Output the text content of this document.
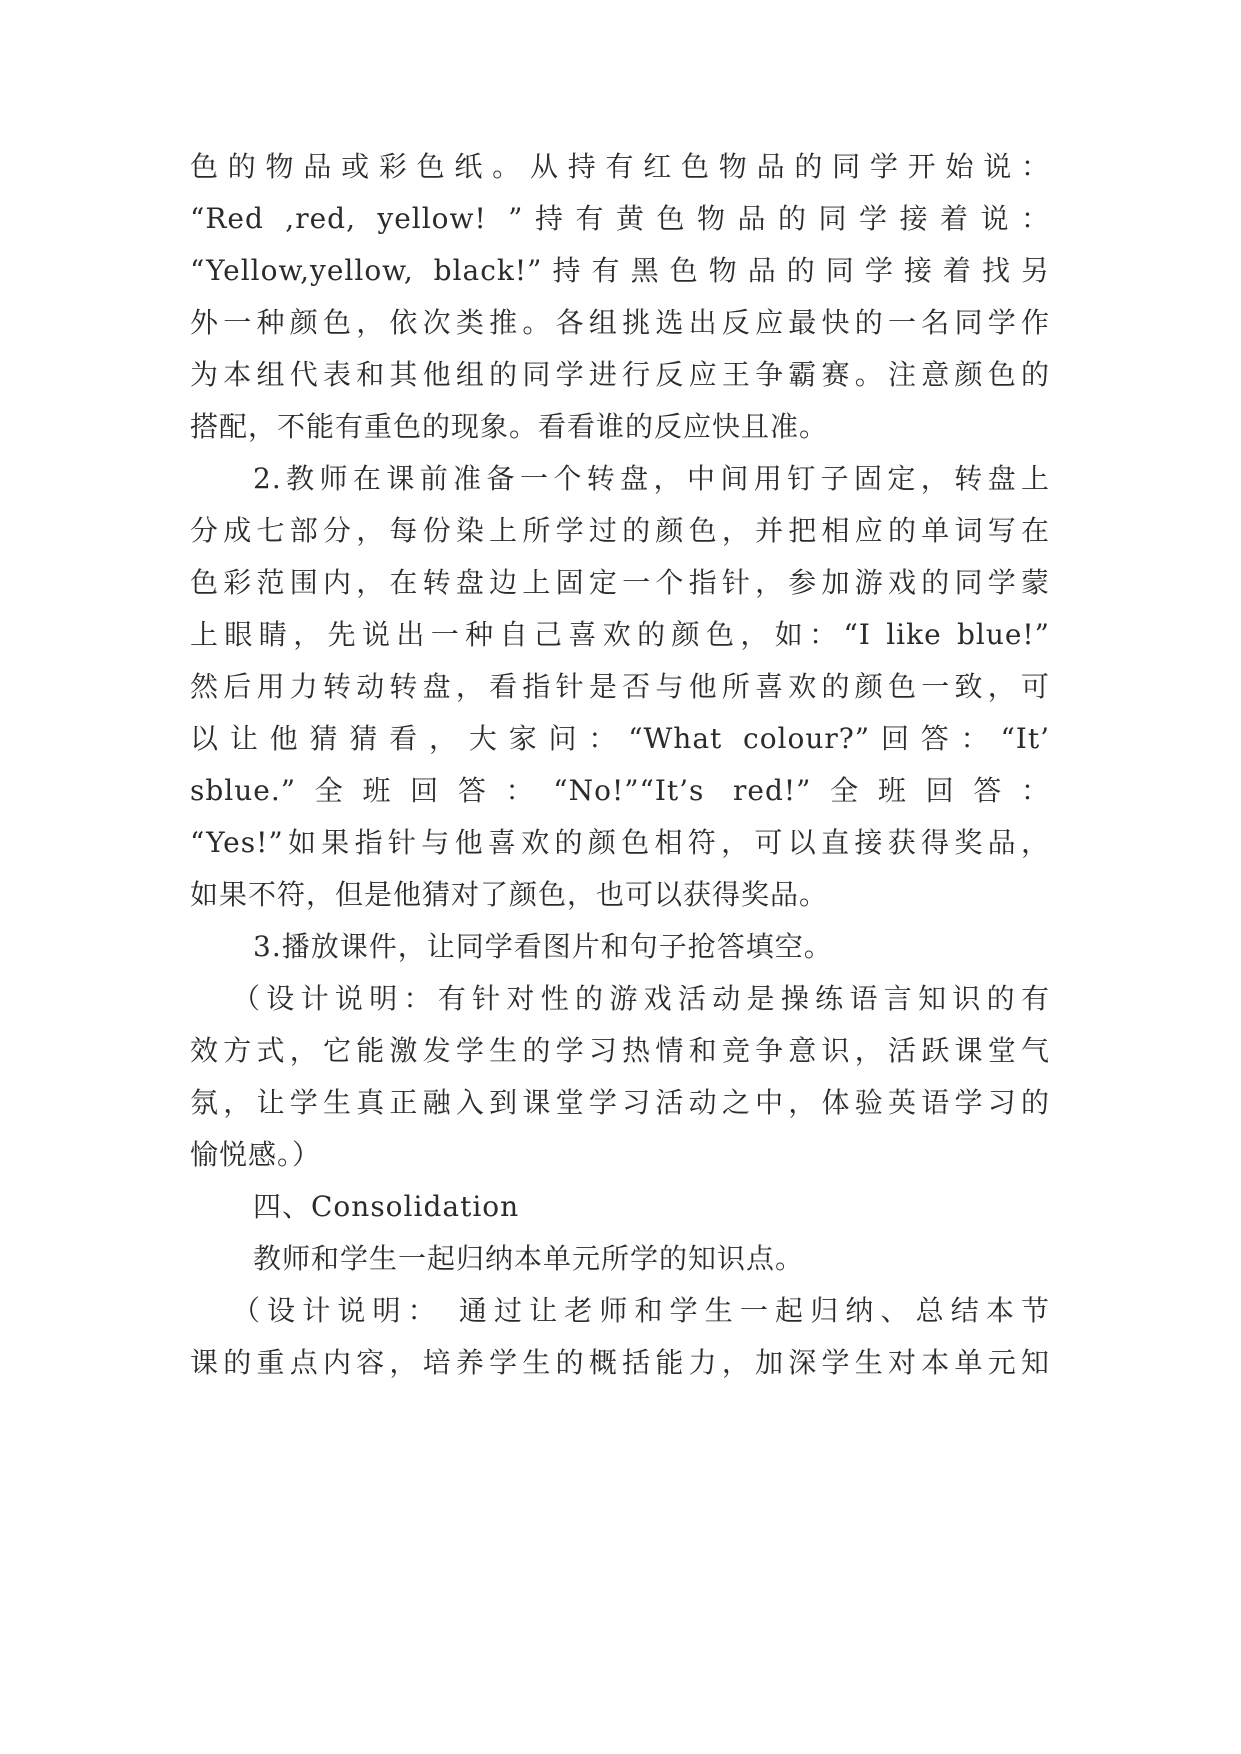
色的物品或彩色纸。从持有红色物品的同学开始说：
“Red ,red, yellow! ”持有黄色物品的同学接着说：
“Yellow,yellow, black!”持有黑色物品的同学接着找另
外一种颜色，依次类推。各组挑选出反应最快的一名同学作
为本组代表和其他组的同学进行反应王争霸赛。注意颜色的
搭配，不能有重色的现象。看看谁的反应快且准。
2.教师在课前准备一个转盘，中间用钉子固定，转盘上
分成七部分，每份染上所学过的颜色，并把相应的单词写在
色彩范围内，在转盘边上固定一个指针，参加游戏的同学蒙
上眼睛，先说出一种自己喜欢的颜色，如：“I like blue!”
然后用力转动转盘，看指针是否与他所喜欢的颜色一致，可
以让他猜猜看，大家问：“What colour?”回答：“It’
sblue.”全班回答：“No!”“It’s red!”全班回答：
“Yes!”如果指针与他喜欢的颜色相符，可以直接获得奖品，
如果不符，但是他猜对了颜色，也可以获得奖品。
3.播放课件，让同学看图片和句子抢答填空。
（设计说明：有针对性的游戏活动是操练语言知识的有
效方式，它能激发学生的学习热情和竞争意识，活跃课堂气
氛，让学生真正融入到课堂学习活动之中，体验英语学习的
愉悦感。）
四、Consolidation
教师和学生一起归纳本单元所学的知识点。
（设计说明： 通过让老师和学生一起归纳、总结本节
课的重点内容，培养学生的概括能力，加深学生对本单元知
